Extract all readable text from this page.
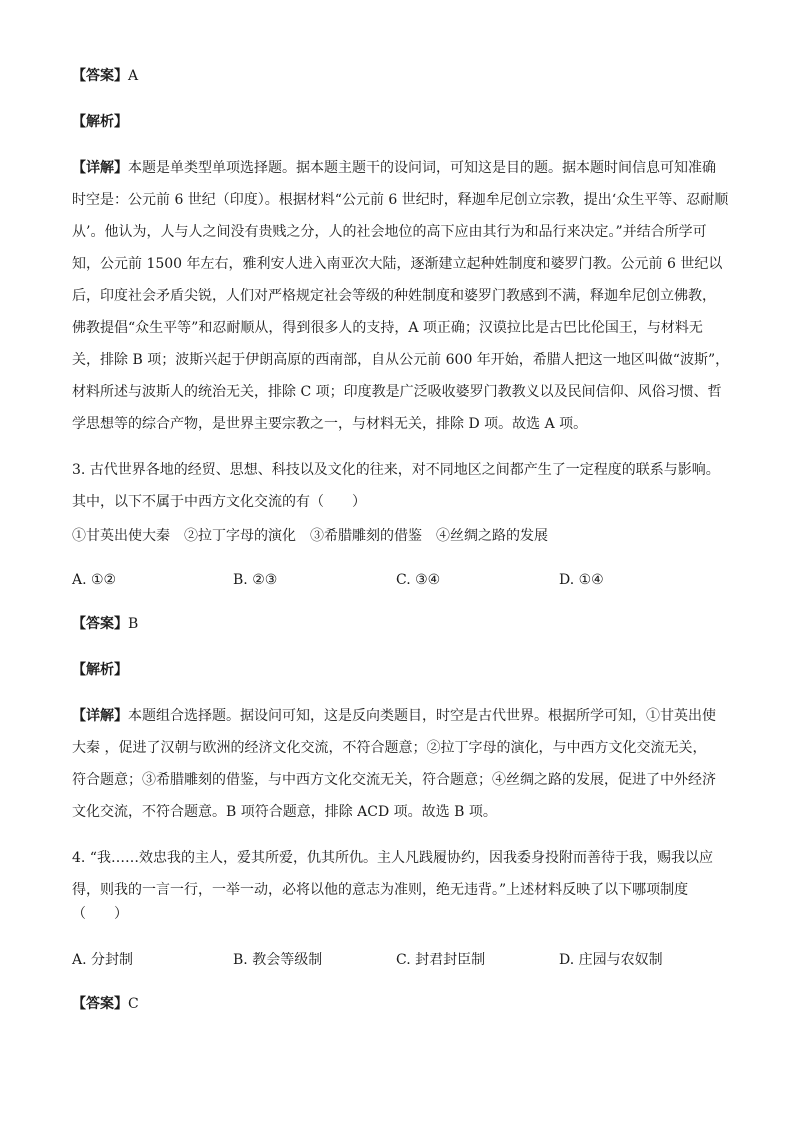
【答案】A
【解析】
【详解】本题是单类型单项选择题。据本题主题干的设问词，可知这是目的题。据本题时间信息可知准确
时空是：公元前 6 世纪（印度）。根据材料“公元前 6 世纪时，释迦牟尼创立宗教，提出‘众生平等、忍耐顺
从’。他认为，人与人之间没有贵贱之分，人的社会地位的高下应由其行为和品行来决定。”并结合所学可
知，公元前 1500 年左右，雅利安人进入南亚次大陆，逐渐建立起种姓制度和婆罗门教。公元前 6 世纪以
后，印度社会矛盾尖锐，人们对严格规定社会等级的种姓制度和婆罗门教感到不满，释迦牟尼创立佛教，
佛教提倡“众生平等”和忍耐顺从，得到很多人的支持，A 项正确；汉谟拉比是古巴比伦国王，与材料无
关，排除 B 项；波斯兴起于伊朗高原的西南部，自从公元前 600 年开始，希腊人把这一地区叫做“波斯”，
材料所述与波斯人的统治无关，排除 C 项；印度教是广泛吸收婆罗门教教义以及民间信仰、风俗习惯、哲
学思想等的综合产物，是世界主要宗教之一，与材料无关，排除 D 项。故选 A 项。
3. 古代世界各地的经贸、思想、科技以及文化的往来，对不同地区之间都产生了一定程度的联系与影响。
其中，以下不属于中西方文化交流的有（　　）
①甘英出使大秦　②拉丁字母的演化　③希腊雕刻的借鉴　④丝绸之路的发展
A. ①②	B. ②③	C. ③④	D. ①④
【答案】B
【解析】
【详解】本题组合选择题。据设问可知，这是反向类题目，时空是古代世界。根据所学可知，①甘英出使
大秦 ，促进了汉朝与欧洲的经济文化交流，不符合题意；②拉丁字母的演化，与中西方文化交流无关，
符合题意；③希腊雕刻的借鉴，与中西方文化交流无关，符合题意；④丝绸之路的发展，促进了中外经济
文化交流，不符合题意。B 项符合题意，排除 ACD 项。故选 B 项。
4. “我……效忠我的主人，爱其所爱，仇其所仇。主人凡践履协约，因我委身投附而善待于我，赐我以应
得，则我的一言一行，一举一动，必将以他的意志为准则，绝无违背。”上述材料反映了以下哪项制度
（　　）
A. 分封制	B. 教会等级制	C. 封君封臣制	D. 庄园与农奴制
【答案】C
